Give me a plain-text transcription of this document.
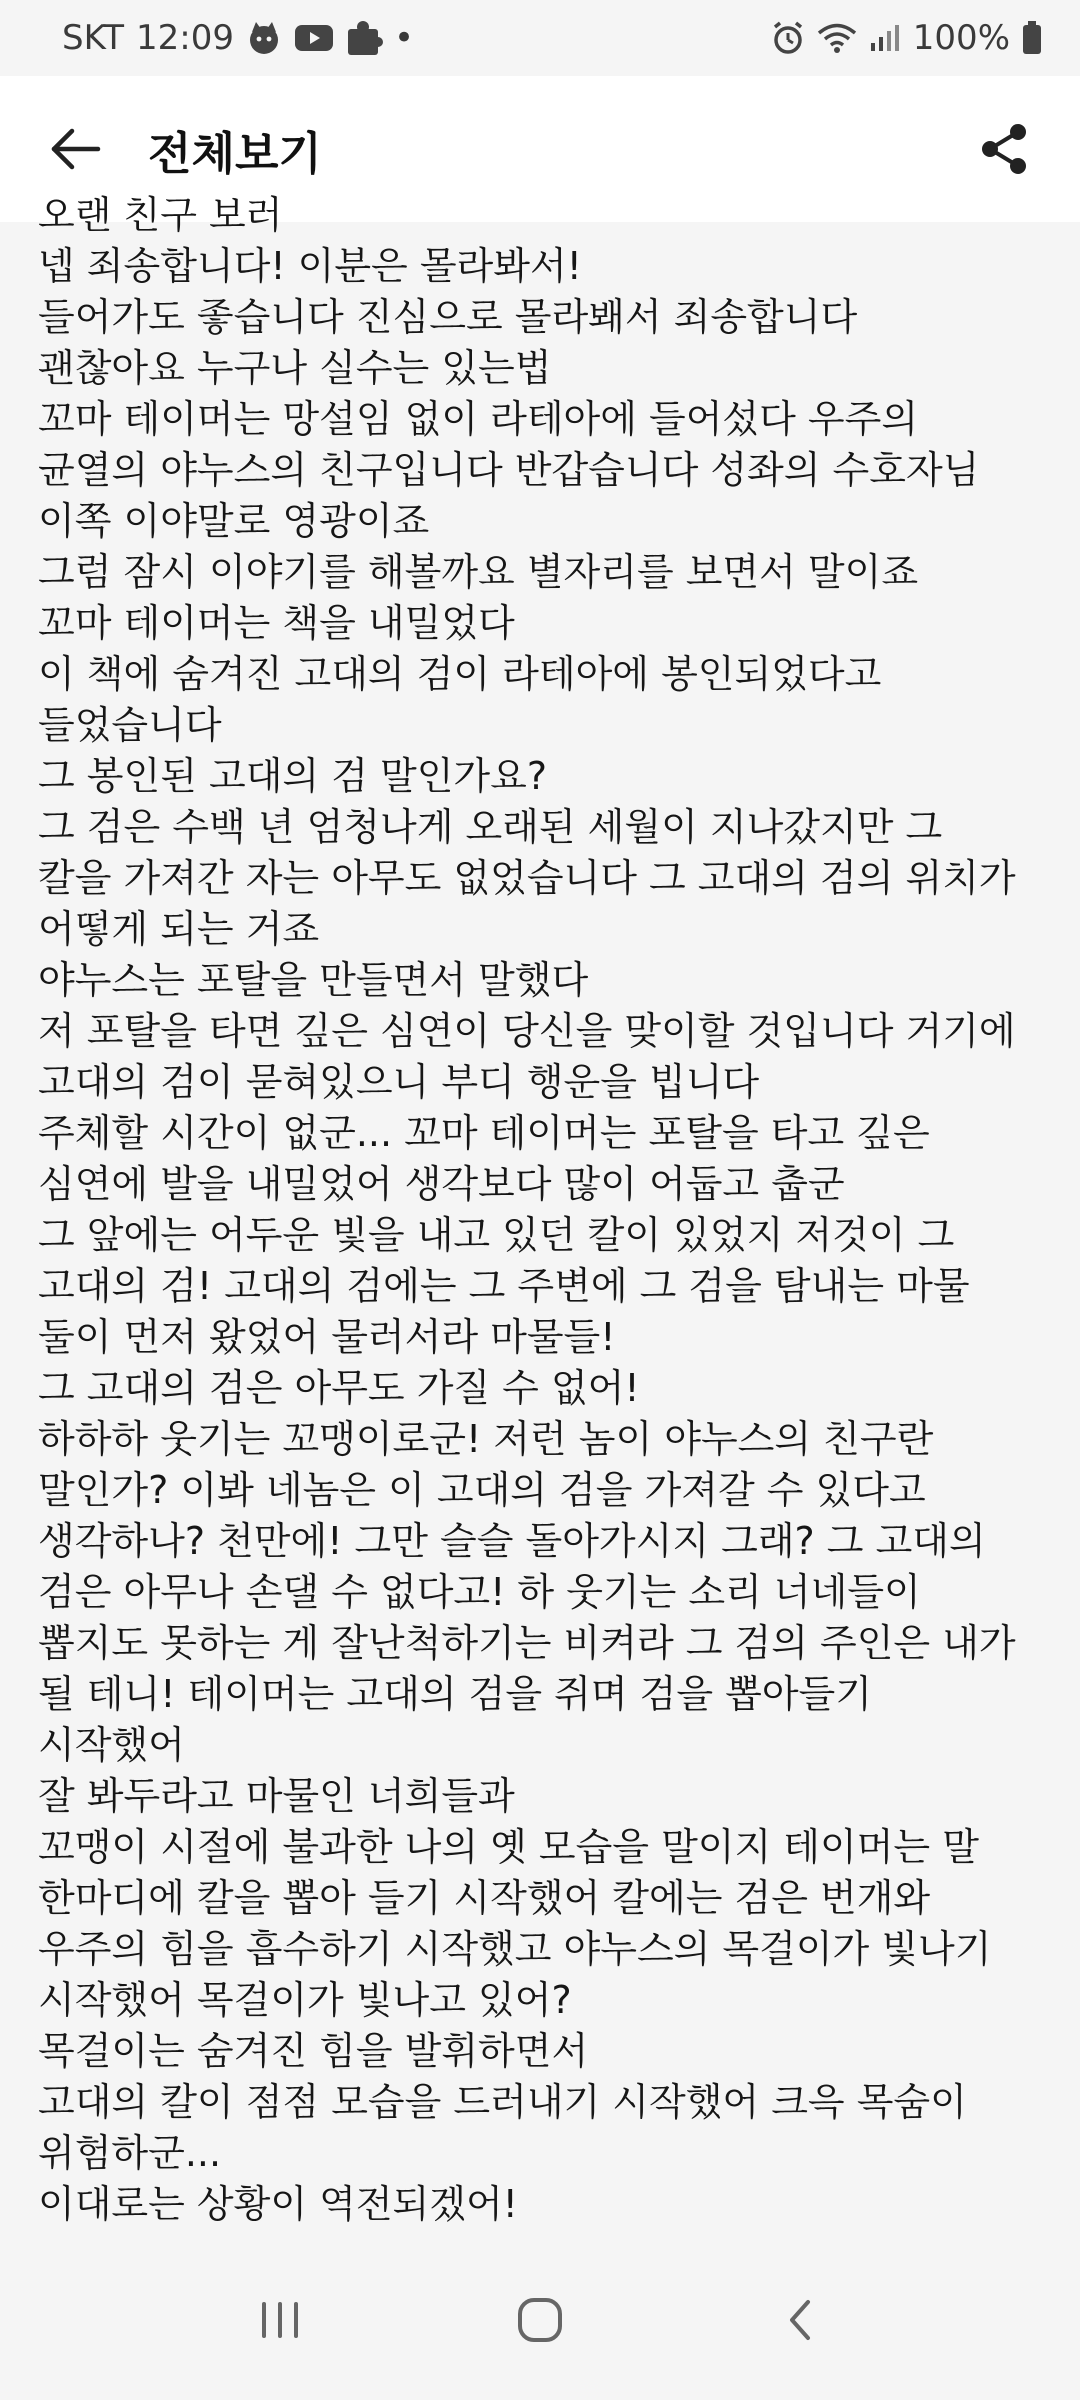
SKT 12:09	•	100%
전체보기
오랜 친구 보러
넵 죄송합니다! 이분은 몰라봐서!
들어가도 좋습니다 진심으로 몰라봬서 죄송합니다
괜찮아요 누구나 실수는 있는법
꼬마 테이머는 망설임 없이 라테아에 들어섰다 우주의
균열의 야누스의 친구입니다 반갑습니다 성좌의 수호자님
이쪽 이야말로 영광이죠
그럼 잠시 이야기를 해볼까요 별자리를 보면서 말이죠
꼬마 테이머는 책을 내밀었다
이 책에 숨겨진 고대의 검이 라테아에 봉인되었다고
들었습니다
그 봉인된 고대의 검 말인가요?
그 검은 수백 년 엄청나게 오래된 세월이 지나갔지만 그
칼을 가져간 자는 아무도 없었습니다 그 고대의 검의 위치가
어떻게 되는 거죠
야누스는 포탈을 만들면서 말했다
저 포탈을 타면 깊은 심연이 당신을 맞이할 것입니다 거기에
고대의 검이 묻혀있으니 부디 행운을 빕니다
주체할 시간이 없군... 꼬마 테이머는 포탈을 타고 깊은
심연에 발을 내밀었어 생각보다 많이 어둡고 춥군
그 앞에는 어두운 빛을 내고 있던 칼이 있었지 저것이 그
고대의 검! 고대의 검에는 그 주변에 그 검을 탐내는 마물
둘이 먼저 왔었어 물러서라 마물들!
그 고대의 검은 아무도 가질 수 없어!
하하하 웃기는 꼬맹이로군! 저런 놈이 야누스의 친구란
말인가? 이봐 네놈은 이 고대의 검을 가져갈 수 있다고
생각하나? 천만에! 그만 슬슬 돌아가시지 그래? 그 고대의
검은 아무나 손댈 수 없다고! 하 웃기는 소리 너네들이
뽑지도 못하는 게 잘난척하기는 비켜라 그 검의 주인은 내가
될 테니! 테이머는 고대의 검을 쥐며 검을 뽑아들기
시작했어
잘 봐두라고 마물인 너희들과
꼬맹이 시절에 불과한 나의 옛 모습을 말이지 테이머는 말
한마디에 칼을 뽑아 들기 시작했어 칼에는 검은 번개와
우주의 힘을 흡수하기 시작했고 야누스의 목걸이가 빛나기
시작했어 목걸이가 빛나고 있어?
목걸이는 숨겨진 힘을 발휘하면서
고대의 칼이 점점 모습을 드러내기 시작했어 크윽 목숨이
위험하군...
이대로는 상황이 역전되겠어!
